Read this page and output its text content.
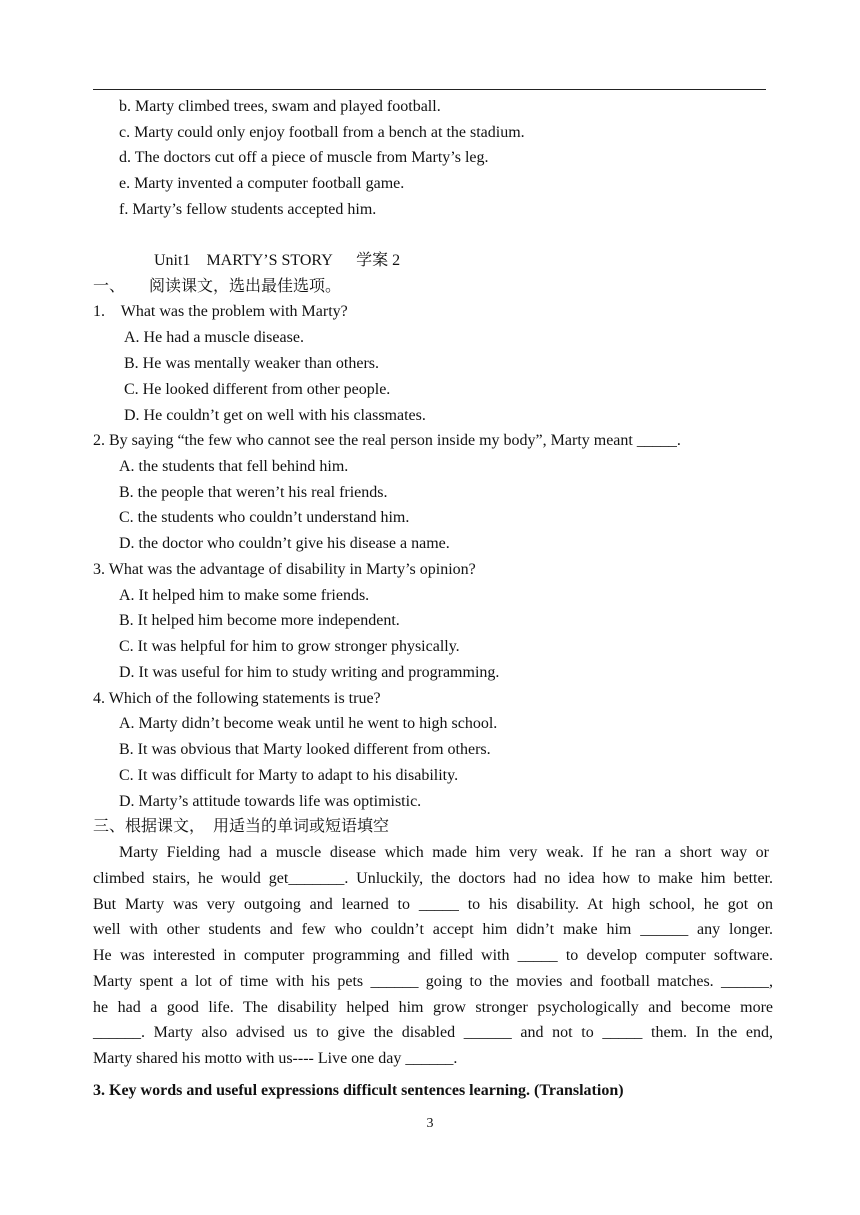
b. Marty climbed trees, swam and played football.
c. Marty could only enjoy football from a bench at the stadium.
d. The doctors cut off a piece of muscle from Marty’s leg.
e. Marty invented a computer football game.
f. Marty’s fellow students accepted him.
Unit1    MARTY’S STORY      学案 2
一、      阅读课文，选出最佳选项。
1.    What was the problem with Marty?
A. He had a muscle disease.
B. He was mentally weaker than others.
C. He looked different from other people.
D. He couldn’t get on well with his classmates.
2. By saying “the few who cannot see the real person inside my body”, Marty meant _____.
A. the students that fell behind him.
B. the people that weren’t his real friends.
C. the students who couldn’t understand him.
D. the doctor who couldn’t give his disease a name.
3. What was the advantage of disability in Marty’s opinion?
A. It helped him to make some friends.
B. It helped him become more independent.
C. It was helpful for him to grow stronger physically.
D. It was useful for him to study writing and programming.
4. Which of the following statements is true?
A. Marty didn’t become weak until he went to high school.
B. It was obvious that Marty looked different from others.
C. It was difficult for Marty to adapt to his disability.
D. Marty’s attitude towards life was optimistic.
三、根据课文，  用适当的单词或短语填空
Marty Fielding had a muscle disease which made him very weak. If he ran a short way or
climbed stairs, he would get_______. Unluckily, the doctors had no idea how to make him better.
But Marty was very outgoing and learned to _____ to his disability. At high school, he got on
well with other students and few who couldn’t accept him didn’t make him ______ any longer.
He was interested in computer programming and filled with _____ to develop computer software.
Marty spent a lot of time with his pets ______ going to the movies and football matches. ______,
he had a good life. The disability helped him grow stronger psychologically and become more
______. Marty also advised us to give the disabled ______ and not to _____ them. In the end,
Marty shared his motto with us---- Live one day ______.
3. Key words and useful expressions difficult sentences learning. (Translation)
3
